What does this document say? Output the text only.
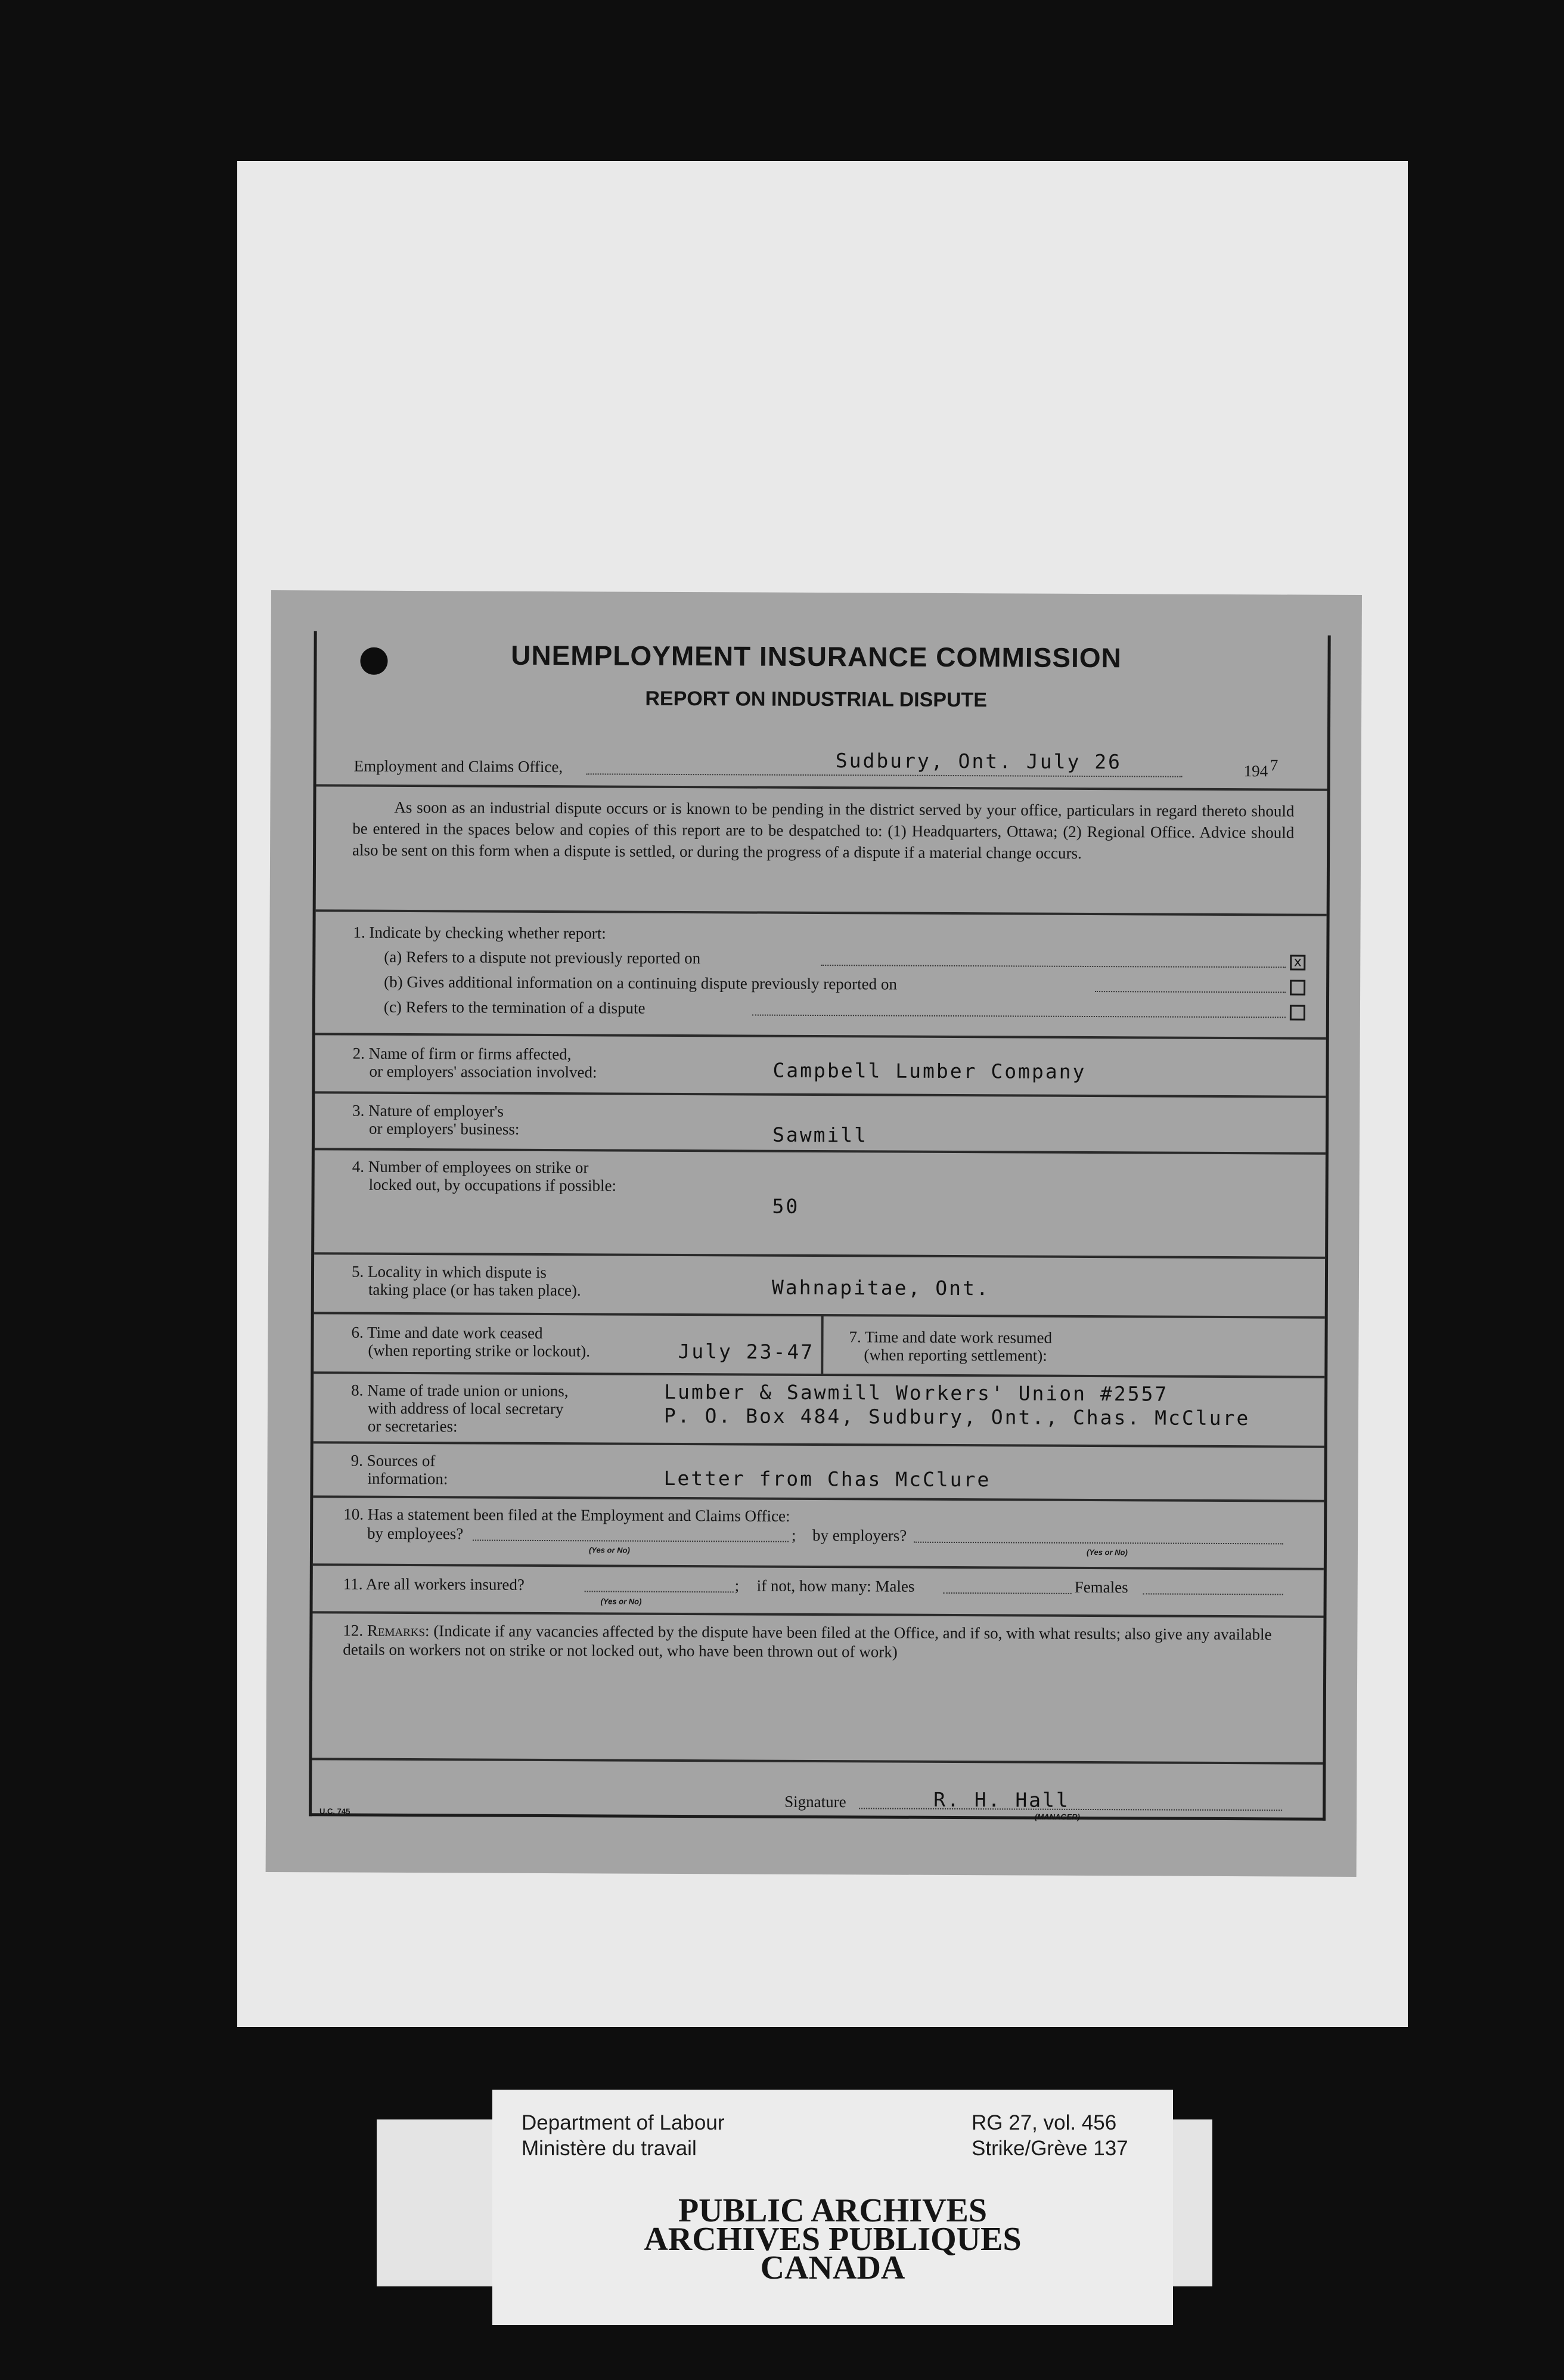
UNEMPLOYMENT INSURANCE COMMISSION
REPORT ON INDUSTRIAL DISPUTE
Employment and Claims Office,	Sudbury, Ont. July 26	194 7
As soon as an industrial dispute occurs or is known to be pending in the district served by your office, particulars in regard thereto should be entered in the spaces below and copies of this report are to be despatched to: (1) Headquarters, Ottawa; (2) Regional Office. Advice should also be sent on this form when a dispute is settled, or during the progress of a dispute if a material change occurs.
1. Indicate by checking whether report:
(a) Refers to a dispute not previously reported on	x
(b) Gives additional information on a continuing dispute previously reported on
(c) Refers to the termination of a dispute
2. Name of firm or firms affected,
or employers' association involved:	Campbell Lumber Company
3. Nature of employer's
or employers' business:	Sawmill
4. Number of employees on strike or
locked out, by occupations if possible:
50
5. Locality in which dispute is
taking place (or has taken place).	Wahnapitae, Ont.
6. Time and date work ceased
(when reporting strike or lockout).	July 23-47
7. Time and date work resumed
(when reporting settlement):
8. Name of trade union or unions,
with address of local secretary
or secretaries:
Lumber & Sawmill Workers' Union #2557
P. O. Box 484, Sudbury, Ont., Chas. McClure
9. Sources of
information:	Letter from Chas McClure
10. Has a statement been filed at the Employment and Claims Office:
by employees?	;
(Yes or No)
by employers?
(Yes or No)
11. Are all workers insured?	;
(Yes or No)
if not, how many: Males	Females
12. Remarks: (Indicate if any vacancies affected by the dispute have been filed at the Office, and if so, with what results; also give any available details on workers not on strike or not locked out, who have been thrown out of work)
Signature	R. H. Hall
(MANAGER)
U.C. 745
Department of Labour
Ministère du travail
RG 27, vol. 456
Strike/Grève 137
PUBLIC ARCHIVES
ARCHIVES PUBLIQUES
CANADA
